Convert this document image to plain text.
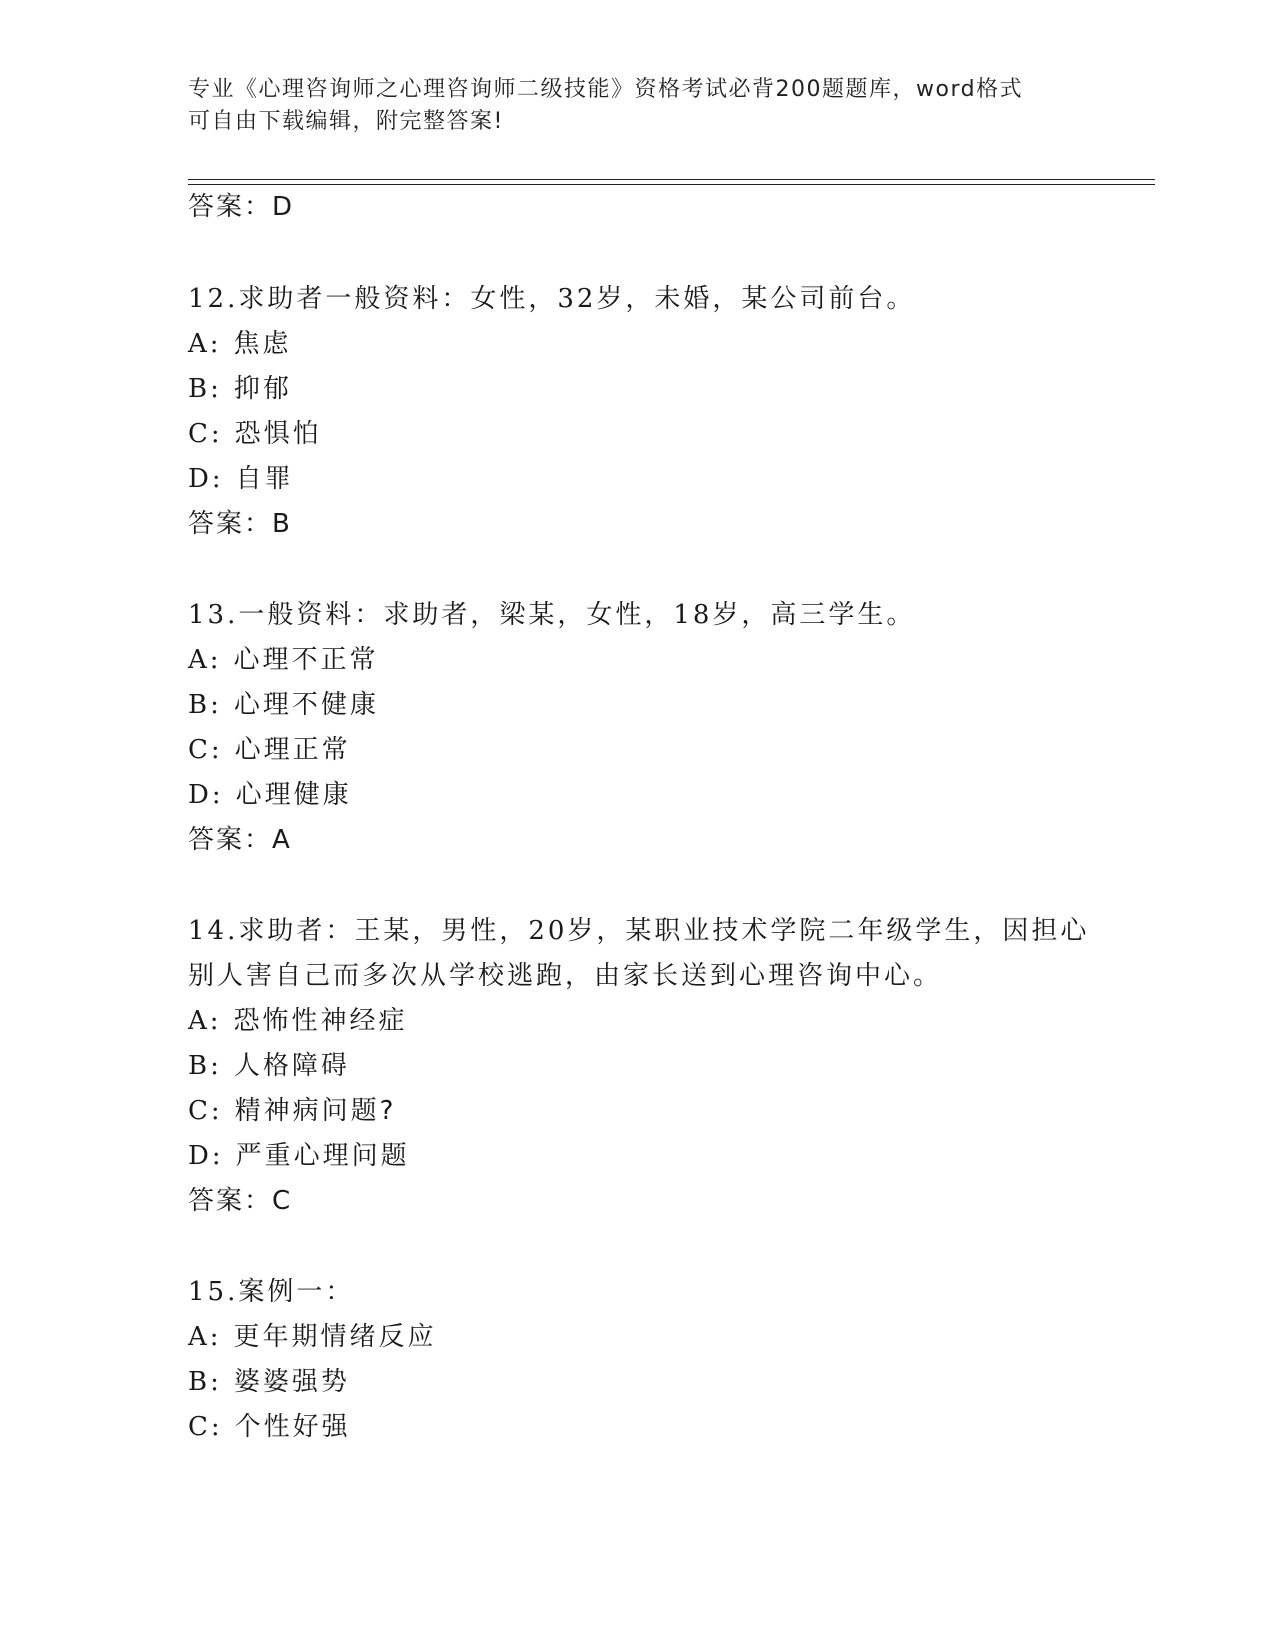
专业《心理咨询师之心理咨询师二级技能》资格考试必背200题题库，word格式
可自由下载编辑，附完整答案!
答案：D
12.求助者一般资料：女性，32岁，未婚，某公司前台。
A: 焦虑
B: 抑郁
C: 恐惧怕
D: 自罪
答案：B
13.一般资料：求助者，梁某，女性，18岁，高三学生。
A: 心理不正常
B: 心理不健康
C: 心理正常
D: 心理健康
答案：A
14.求助者：王某，男性，20岁，某职业技术学院二年级学生，因担心
别人害自己而多次从学校逃跑，由家长送到心理咨询中心。
A: 恐怖性神经症
B: 人格障碍
C: 精神病问题?
D: 严重心理问题
答案：C
15.案例一：
A: 更年期情绪反应
B: 婆婆强势
C: 个性好强
